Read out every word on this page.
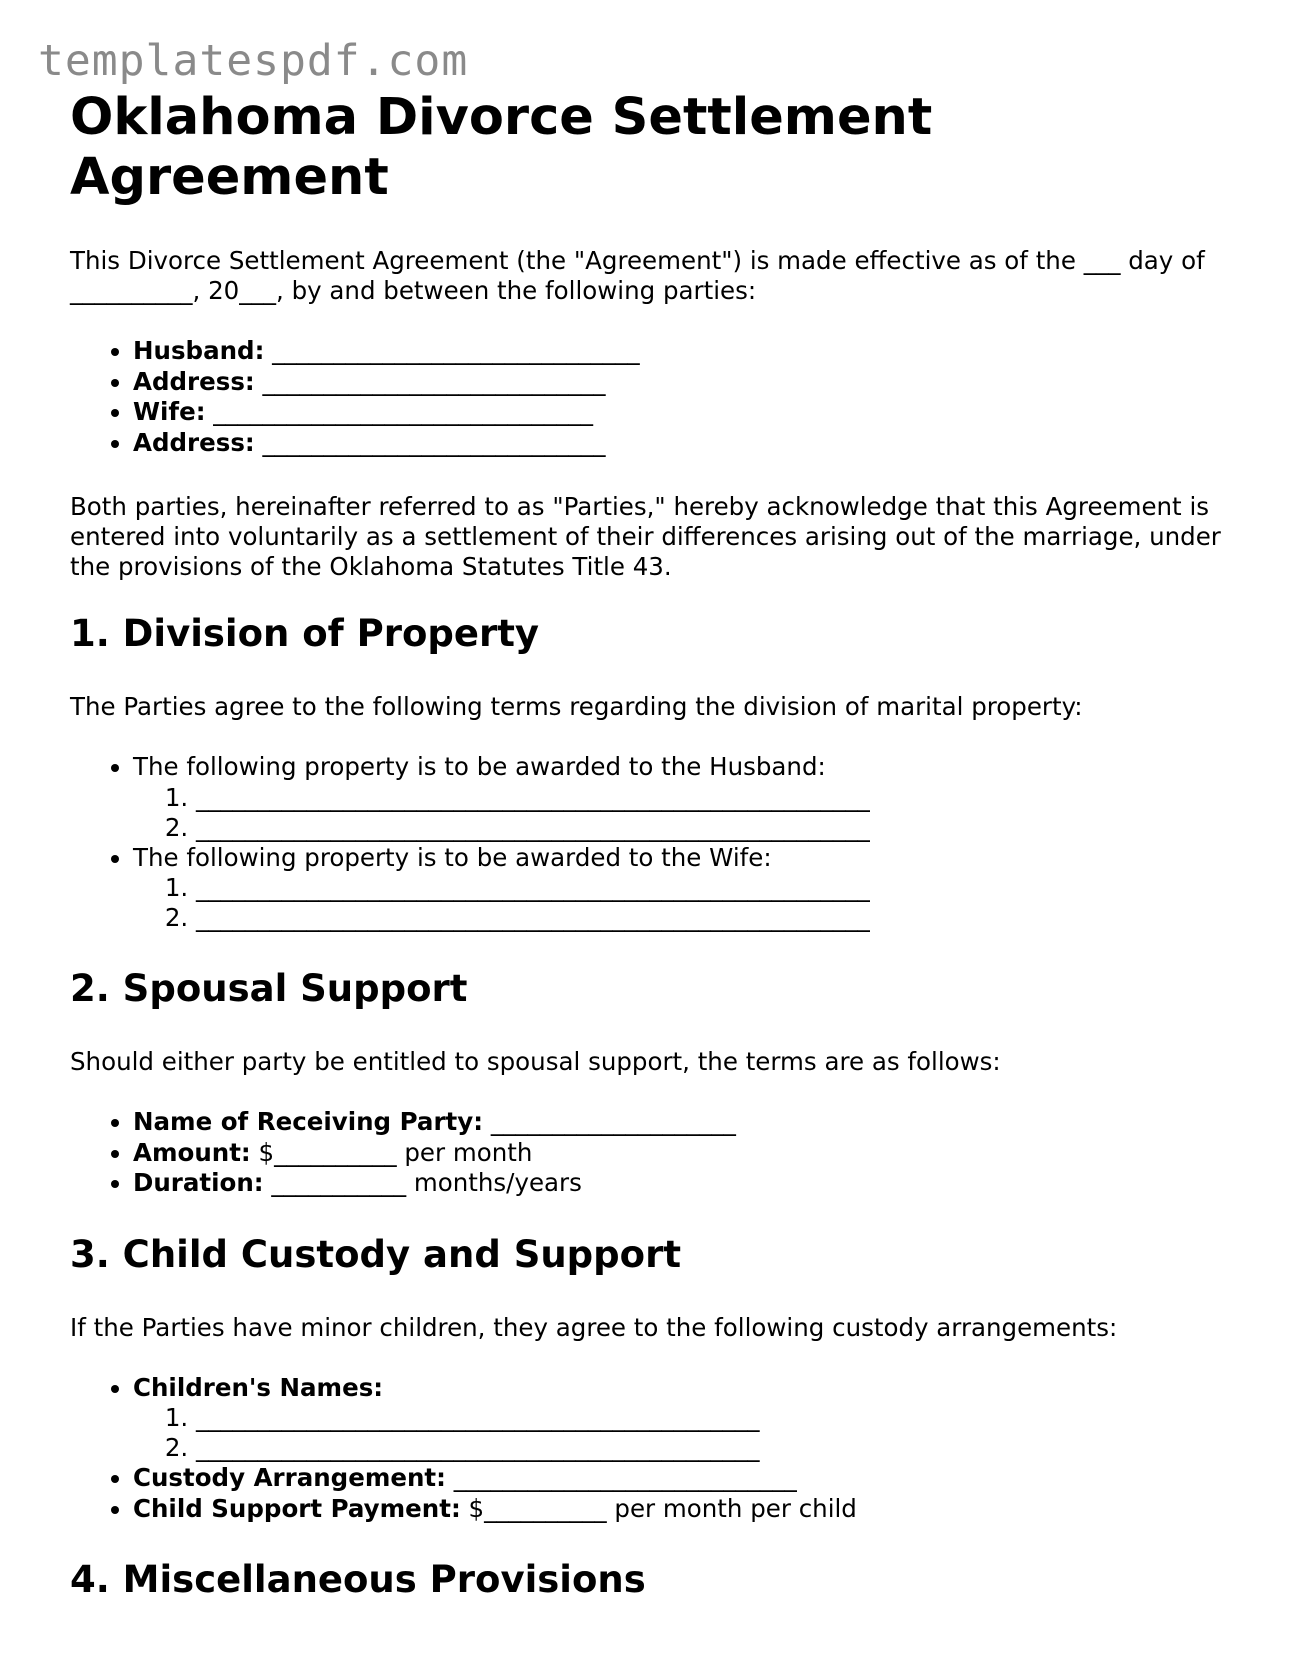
templatespdf.com
Oklahoma Divorce Settlement Agreement

This Divorce Settlement Agreement (the "Agreement") is made effective as of the ___ day of __________, 20___, by and between the following parties:

• Husband: ______________________________
• Address: ____________________________
• Wife: _______________________________
• Address: ____________________________

Both parties, hereinafter referred to as "Parties," hereby acknowledge that this Agreement is entered into voluntarily as a settlement of their differences arising out of the marriage, under the provisions of the Oklahoma Statutes Title 43.

1. Division of Property

The Parties agree to the following terms regarding the division of marital property:

• The following property is to be awarded to the Husband:
1. _______________________________________________________
2. _______________________________________________________
• The following property is to be awarded to the Wife:
1. _______________________________________________________
2. _______________________________________________________
2. Spousal Support

Should either party be entitled to spousal support, the terms are as follows:

• Name of Receiving Party: ____________________
• Amount: $__________ per month
• Duration: ___________ months/years
3. Child Custody and Support

If the Parties have minor children, they agree to the following custody arrangements:

• Children's Names:
1. ______________________________________________
2. ______________________________________________
• Custody Arrangement: ____________________________
• Child Support Payment: $__________ per month per child
4. Miscellaneous Provisions
